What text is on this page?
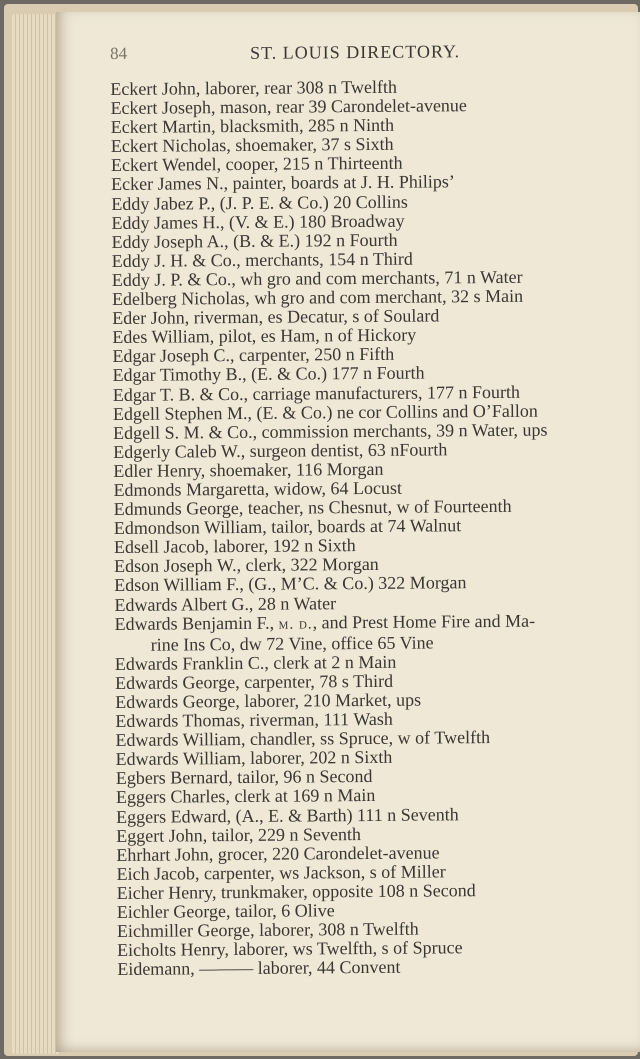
84	ST. LOUIS DIRECTORY.
Eckert John, laborer, rear 308 n Twelfth
Eckert Joseph, mason, rear 39 Carondelet-avenue
Eckert Martin, blacksmith, 285 n Ninth
Eckert Nicholas, shoemaker, 37 s Sixth
Eckert Wendel, cooper, 215 n Thirteenth
Ecker James N., painter, boards at J. H. Philips’
Eddy Jabez P., (J. P. E. & Co.) 20 Collins
Eddy James H., (V. & E.) 180 Broadway
Eddy Joseph A., (B. & E.) 192 n Fourth
Eddy J. H. & Co., merchants, 154 n Third
Eddy J. P. & Co., wh gro and com merchants, 71 n Water
Edelberg Nicholas, wh gro and com merchant, 32 s Main
Eder John, riverman, es Decatur, s of Soulard
Edes William, pilot, es Ham, n of Hickory
Edgar Joseph C., carpenter, 250 n Fifth
Edgar Timothy B., (E. & Co.) 177 n Fourth
Edgar T. B. & Co., carriage manufacturers, 177 n Fourth
Edgell Stephen M., (E. & Co.) ne cor Collins and O’Fallon
Edgell S. M. & Co., commission merchants, 39 n Water, ups
Edgerly Caleb W., surgeon dentist, 63 nFourth
Edler Henry, shoemaker, 116 Morgan
Edmonds Margaretta, widow, 64 Locust
Edmunds George, teacher, ns Chesnut, w of Fourteenth
Edmondson William, tailor, boards at 74 Walnut
Edsell Jacob, laborer, 192 n Sixth
Edson Joseph W., clerk, 322 Morgan
Edson William F., (G., M’C. & Co.) 322 Morgan
Edwards Albert G., 28 n Water
Edwards Benjamin F., m. d., and Prest Home Fire and Ma-
rine Ins Co, dw 72 Vine, office 65 Vine
Edwards Franklin C., clerk at 2 n Main
Edwards George, carpenter, 78 s Third
Edwards George, laborer, 210 Market, ups
Edwards Thomas, riverman, 111 Wash
Edwards William, chandler, ss Spruce, w of Twelfth
Edwards William, laborer, 202 n Sixth
Egbers Bernard, tailor, 96 n Second
Eggers Charles, clerk at 169 n Main
Eggers Edward, (A., E. & Barth) 111 n Seventh
Eggert John, tailor, 229 n Seventh
Ehrhart John, grocer, 220 Carondelet-avenue
Eich Jacob, carpenter, ws Jackson, s of Miller
Eicher Henry, trunkmaker, opposite 108 n Second
Eichler George, tailor, 6 Olive
Eichmiller George, laborer, 308 n Twelfth
Eicholts Henry, laborer, ws Twelfth, s of Spruce
Eidemann, ——— laborer, 44 Convent
